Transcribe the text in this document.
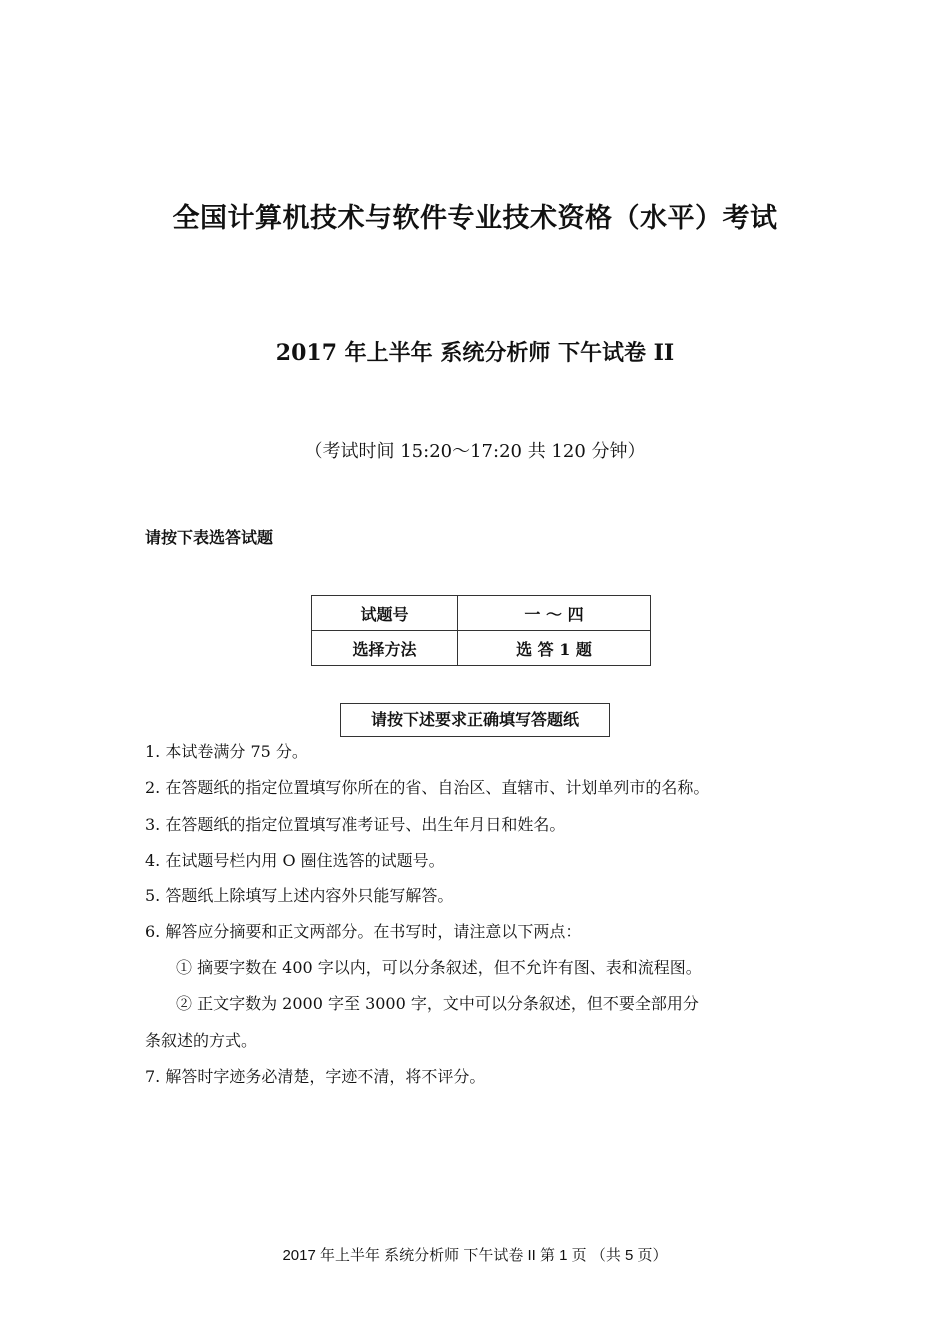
全国计算机技术与软件专业技术资格（水平）考试
2017 年上半年 系统分析师 下午试卷 II
（考试时间 15:20～17:20 共 120 分钟）
请按下表选答试题
试题号	一 ～ 四
选择方法	选 答 1 题
请按下述要求正确填写答题纸
1. 本试卷满分 75 分。
2. 在答题纸的指定位置填写你所在的省、自治区、直辖市、计划单列市的名称。
3. 在答题纸的指定位置填写准考证号、出生年月日和姓名。
4. 在试题号栏内用 O 圈住选答的试题号。
5. 答题纸上除填写上述内容外只能写解答。
6. 解答应分摘要和正文两部分。在书写时，请注意以下两点：
① 摘要字数在 400 字以内，可以分条叙述，但不允许有图、表和流程图。
② 正文字数为 2000 字至 3000 字，文中可以分条叙述，但不要全部用分
条叙述的方式。
7. 解答时字迹务必清楚，字迹不清，将不评分。
2017 年上半年 系统分析师 下午试卷 II 第 1 页 （共 5 页）
